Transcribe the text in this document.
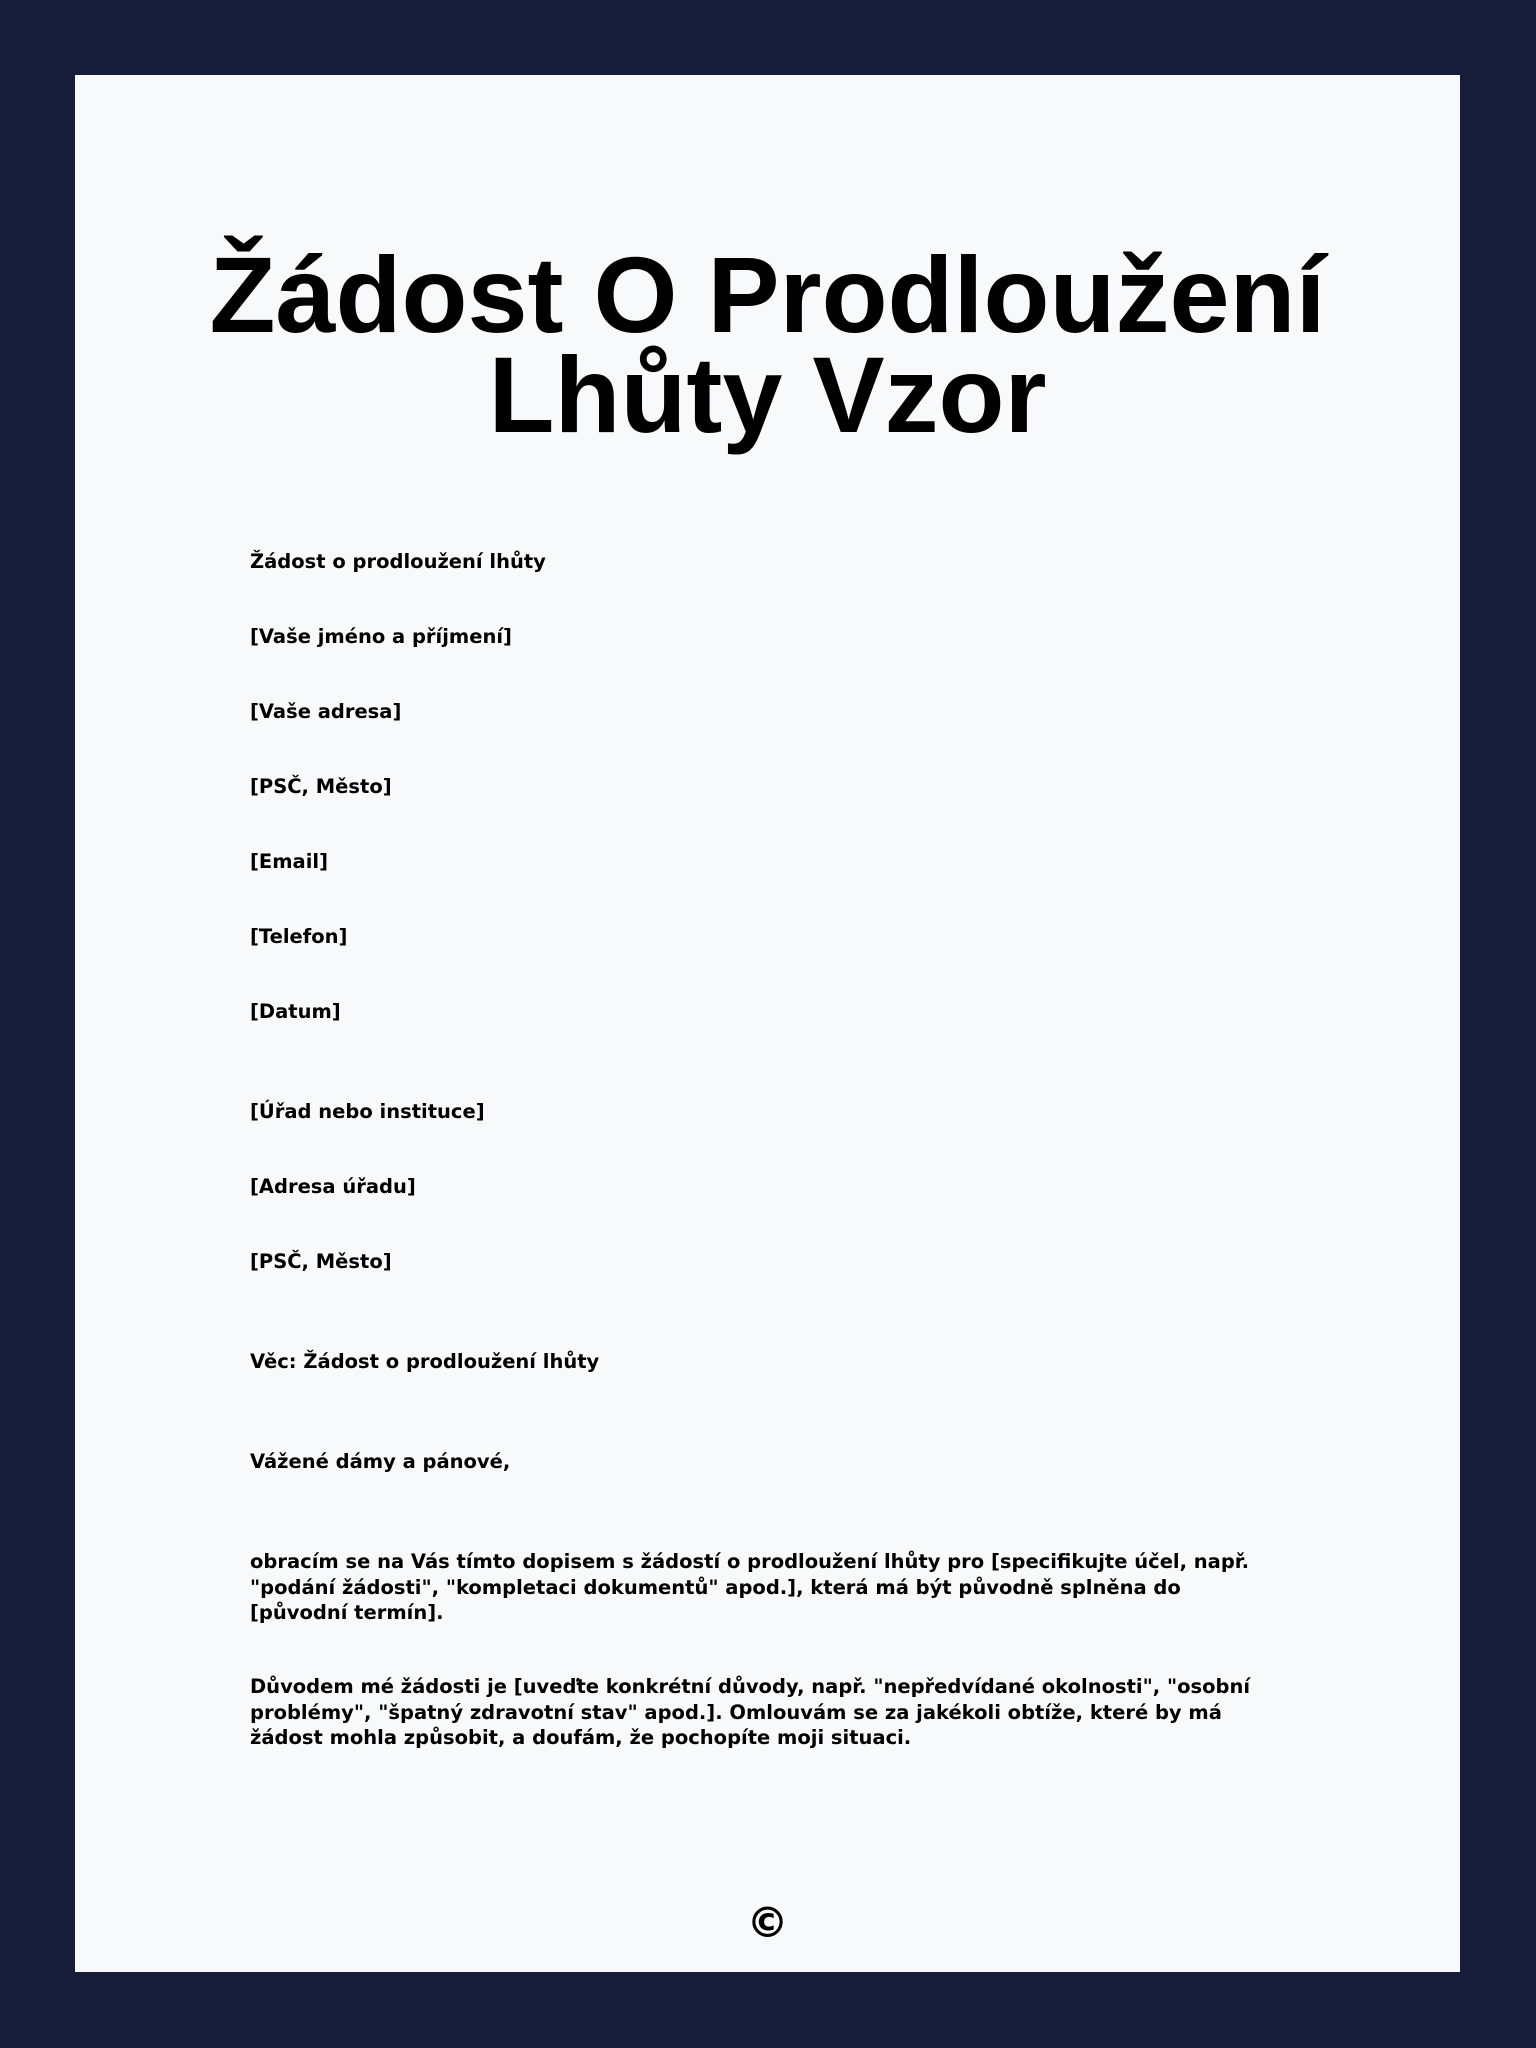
Žádost O Prodloužení Lhůty Vzor

Žádost o prodloužení lhůty

[Vaše jméno a příjmení]

[Vaše adresa]

[PSČ, Město]

[Email]

[Telefon]

[Datum]

[Úřad nebo instituce]

[Adresa úřadu]

[PSČ, Město]

Věc: Žádost o prodloužení lhůty

Vážené dámy a pánové,

obracím se na Vás tímto dopisem s žádostí o prodloužení lhůty pro [specifikujte účel, např. "podání žádosti", "kompletaci dokumentů" apod.], která má být původně splněna do [původní termín].

Důvodem mé žádosti je [uveďte konkrétní důvody, např. "nepředvídané okolnosti", "osobní problémy", "špatný zdravotní stav" apod.]. Omlouvám se za jakékoli obtíže, které by má žádost mohla způsobit, a doufám, že pochopíte moji situaci.

©
